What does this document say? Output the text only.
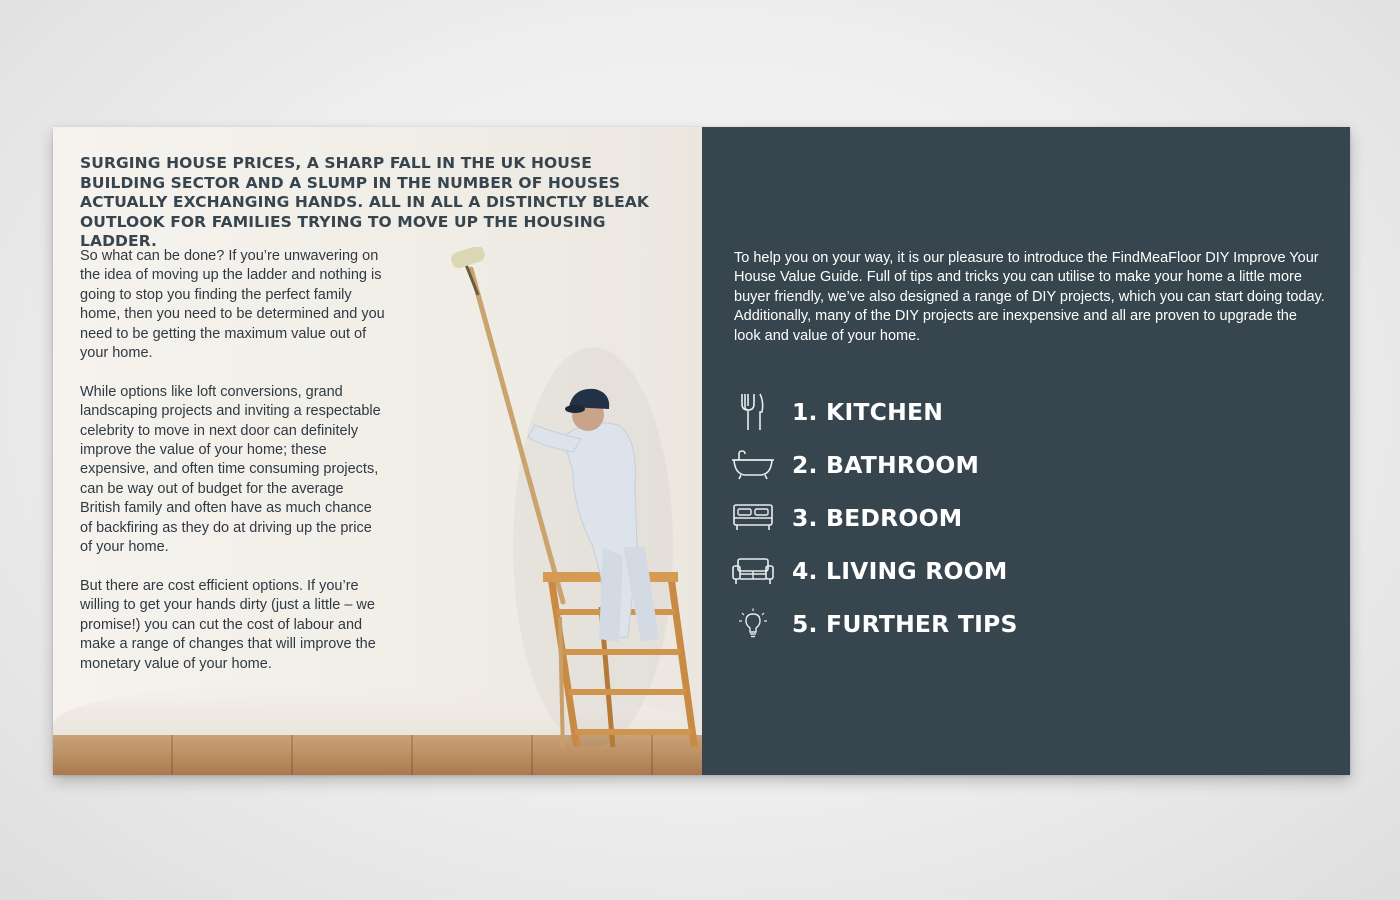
SURGING HOUSE PRICES, A SHARP FALL IN THE UK HOUSE BUILDING SECTOR AND A SLUMP IN THE NUMBER OF HOUSES ACTUALLY EXCHANGING HANDS. ALL IN ALL A DISTINCTLY BLEAK OUTLOOK FOR FAMILIES TRYING TO MOVE UP THE HOUSING LADDER.

So what can be done? If you’re unwavering on the idea of moving up the ladder and nothing is going to stop you finding the perfect family home, then you need to be determined and you need to be getting the maximum value out of your home.

While options like loft conversions, grand landscaping projects and inviting a respectable celebrity to move in next door can definitely improve the value of your home; these expensive, and often time consuming projects, can be way out of budget for the average British family and often have as much chance of backfiring as they do at driving up the price of your home.

But there are cost efficient options. If you’re willing to get your hands dirty (just a little – we promise!) you can cut the cost of labour and make a range of changes that will improve the monetary value of your home.

To help you on your way, it is our pleasure to introduce the FindMeaFloor DIY Improve Your House Value Guide. Full of tips and tricks you can utilise to make your home a little more buyer friendly, we’ve also designed a range of DIY projects, which you can start doing today. Additionally, many of the DIY projects are inexpensive and all are proven to upgrade the look and value of your home.

1. KITCHEN
2. BATHROOM
3. BEDROOM
4. LIVING ROOM
5. FURTHER TIPS
